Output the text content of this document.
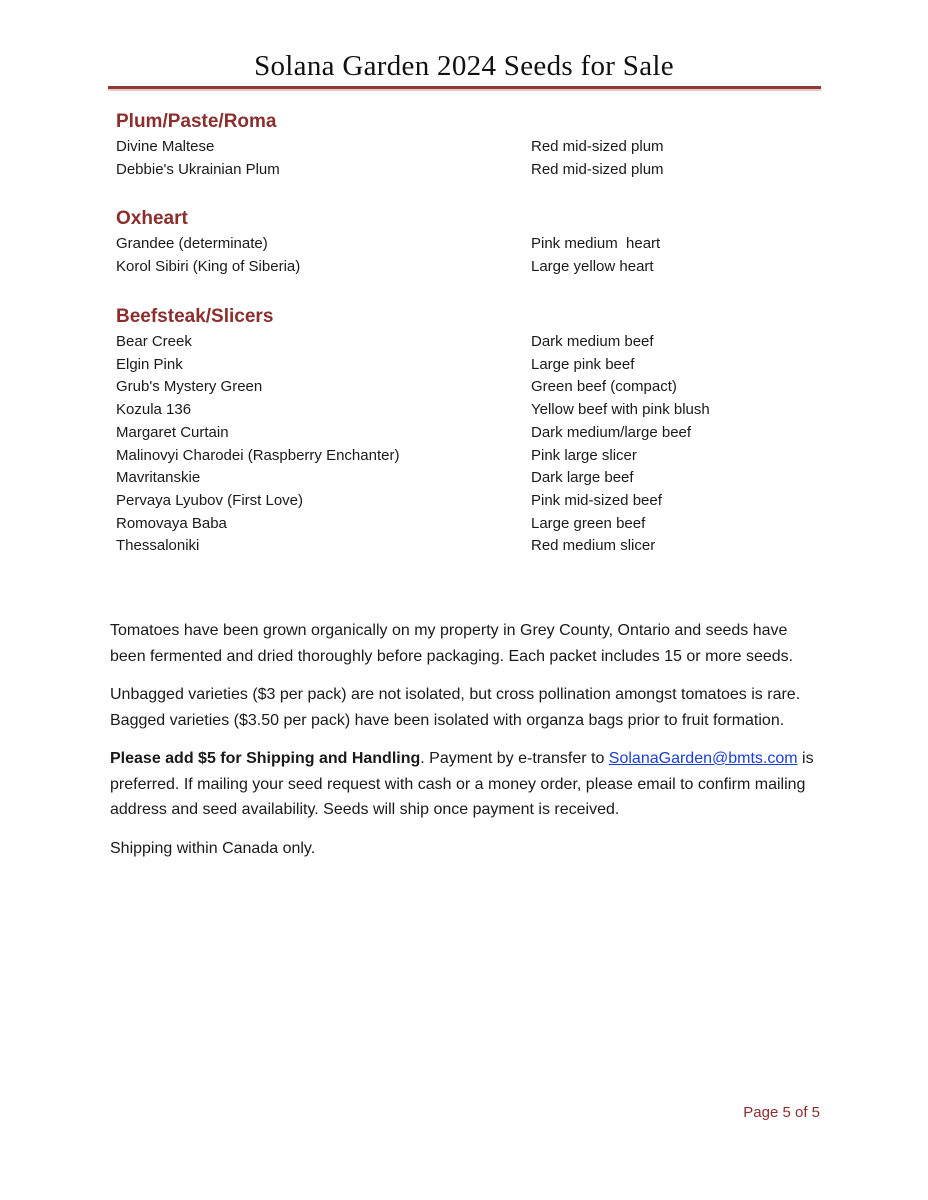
Solana Garden 2024 Seeds for Sale
Plum/Paste/Roma
Divine Maltese	Red mid-sized plum
Debbie's Ukrainian Plum	Red mid-sized plum
Oxheart
Grandee (determinate)	Pink medium  heart
Korol Sibiri (King of Siberia)	Large yellow heart
Beefsteak/Slicers
Bear Creek	Dark medium beef
Elgin Pink	Large pink beef
Grub's Mystery Green	Green beef (compact)
Kozula 136	Yellow beef with pink blush
Margaret Curtain	Dark medium/large beef
Malinovyi Charodei (Raspberry Enchanter)	Pink large slicer
Mavritanskie	Dark large beef
Pervaya Lyubov (First Love)	Pink mid-sized beef
Romovaya Baba	Large green beef
Thessaloniki	Red medium slicer

Tomatoes have been grown organically on my property in Grey County, Ontario and seeds have been fermented and dried thoroughly before packaging. Each packet includes 15 or more seeds.

Unbagged varieties ($3 per pack) are not isolated, but cross pollination amongst tomatoes is rare. Bagged varieties ($3.50 per pack) have been isolated with organza bags prior to fruit formation.

Please add $5 for Shipping and Handling. Payment by e-transfer to SolanaGarden@bmts.com is preferred. If mailing your seed request with cash or a money order, please email to confirm mailing address and seed availability. Seeds will ship once payment is received.

Shipping within Canada only.

Page 5 of 5
